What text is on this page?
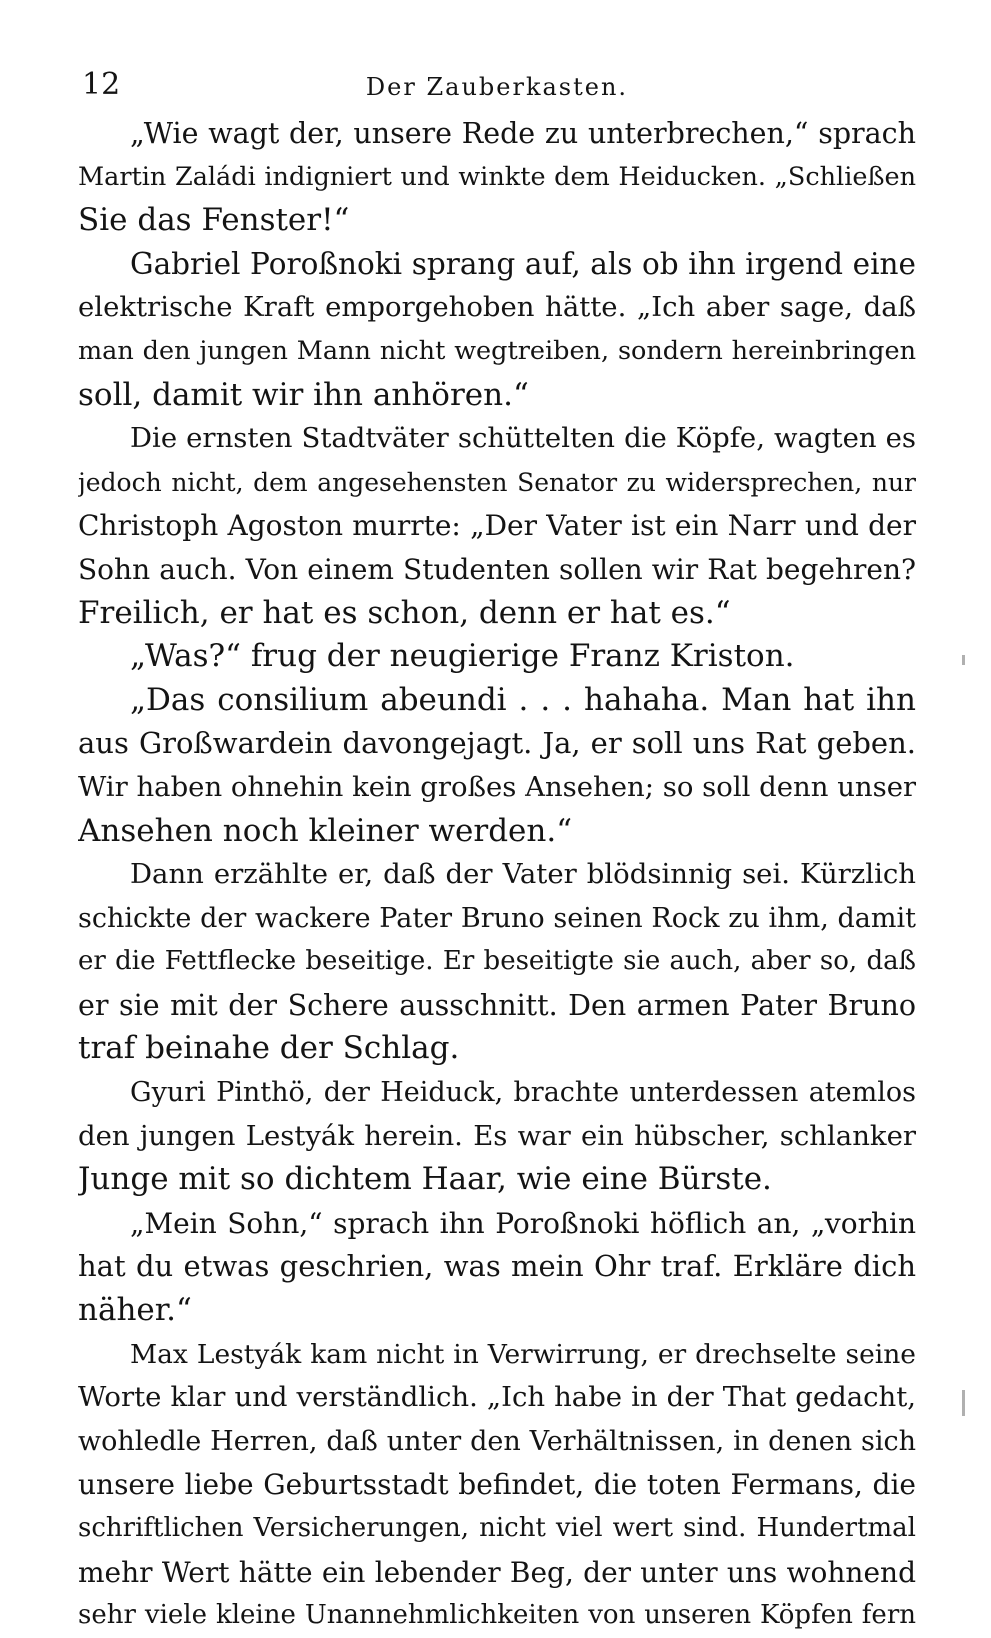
12	Der Zauberkasten.
„Wie wagt der, unsere Rede zu unterbrechen,“ sprach
Martin Zaládi indigniert und winkte dem Heiducken. „Schließen
Sie das Fenster!“
Gabriel Poroßnoki sprang auf, als ob ihn irgend eine
elektrische Kraft emporgehoben hätte. „Ich aber sage, daß
man den jungen Mann nicht wegtreiben, sondern hereinbringen
soll, damit wir ihn anhören.“
Die ernsten Stadtväter schüttelten die Köpfe, wagten es
jedoch nicht, dem angesehensten Senator zu widersprechen, nur
Christoph Agoston murrte: „Der Vater ist ein Narr und der
Sohn auch. Von einem Studenten sollen wir Rat begehren?
Freilich, er hat es schon, denn er hat es.“
„Was?“ frug der neugierige Franz Kriston.
„Das consilium abeundi . . . hahaha. Man hat ihn
aus Großwardein davongejagt. Ja, er soll uns Rat geben.
Wir haben ohnehin kein großes Ansehen; so soll denn unser
Ansehen noch kleiner werden.“
Dann erzählte er, daß der Vater blödsinnig sei. Kürzlich
schickte der wackere Pater Bruno seinen Rock zu ihm, damit
er die Fettflecke beseitige. Er beseitigte sie auch, aber so, daß
er sie mit der Schere ausschnitt. Den armen Pater Bruno
traf beinahe der Schlag.
Gyuri Pinthö, der Heiduck, brachte unterdessen atemlos
den jungen Lestyák herein. Es war ein hübscher, schlanker
Junge mit so dichtem Haar, wie eine Bürste.
„Mein Sohn,“ sprach ihn Poroßnoki höflich an, „vorhin
hat du etwas geschrien, was mein Ohr traf. Erkläre dich
näher.“
Max Lestyák kam nicht in Verwirrung, er drechselte seine
Worte klar und verständlich. „Ich habe in der That gedacht,
wohledle Herren, daß unter den Verhältnissen, in denen sich
unsere liebe Geburtsstadt befindet, die toten Fermans, die
schriftlichen Versicherungen, nicht viel wert sind. Hundertmal
mehr Wert hätte ein lebender Beg, der unter uns wohnend
sehr viele kleine Unannehmlichkeiten von unseren Köpfen fern
